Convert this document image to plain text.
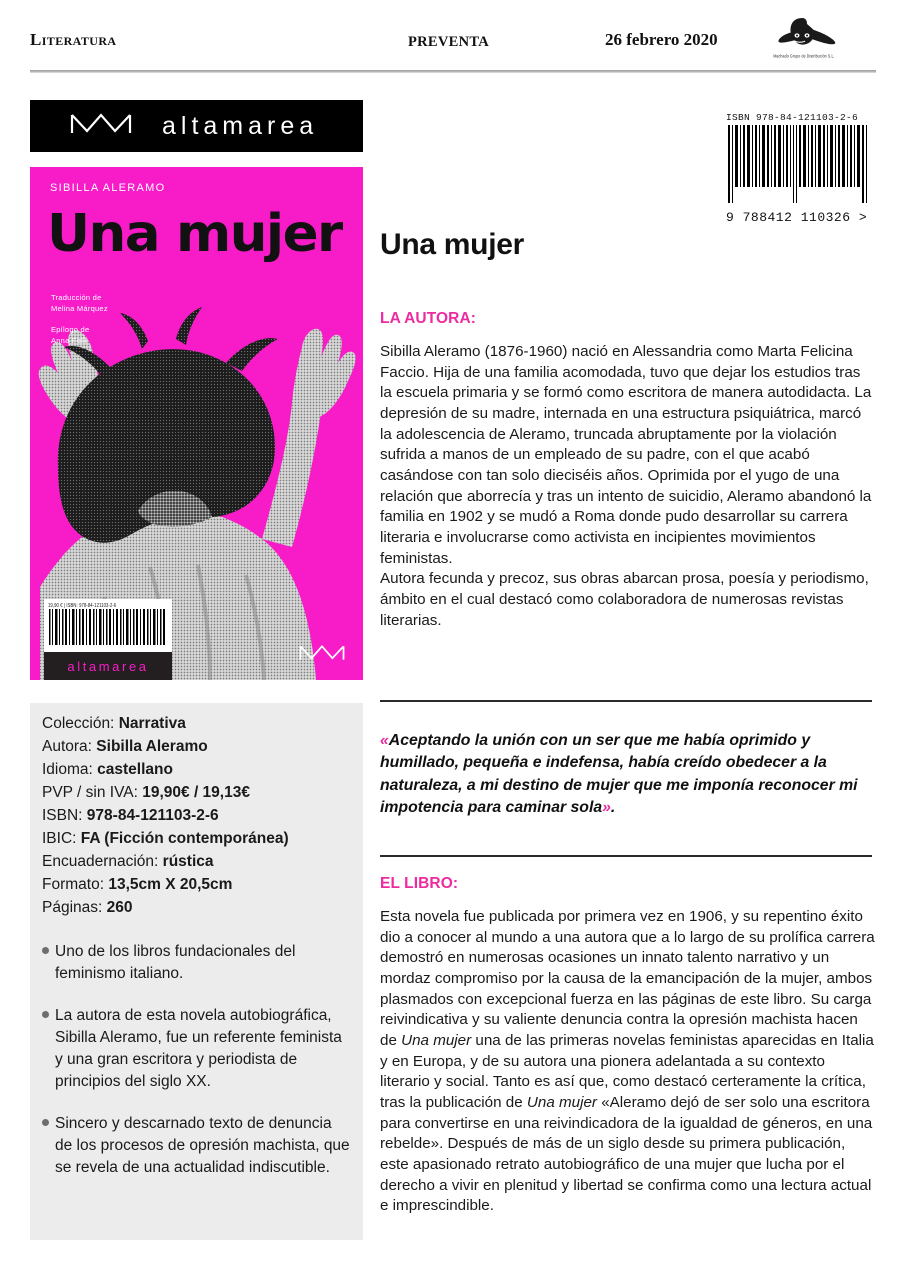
Literatura	PREVENTA	26 febrero 2020
Machado Grupo de Distribución S.L.
altamarea
SIBILLA ALERAMO
Una mujer
Traducción de
Melina Márquez
Epílogo de
Anna Folli
19,90 € | ISBN: 978-84-121103-2-6
altamarea
Colección: Narrativa
Autora: Sibilla Aleramo
Idioma: castellano
PVP / sin IVA: 19,90€ / 19,13€
ISBN: 978-84-121103-2-6
IBIC: FA (Ficción contemporánea)
Encuadernación: rústica
Formato: 13,5cm X 20,5cm
Páginas: 260
Uno de los libros fundacionales del feminismo italiano.
La autora de esta novela autobiográfica, Sibilla Aleramo, fue un referente feminista y una gran escritora y periodista de principios del siglo XX.
Sincero y descarnado texto de denuncia de los procesos de opresión machista, que se revela de una actualidad indiscutible.
ISBN 978-84-121103-2-6
9 788412 110326 >
Una mujer
LA AUTORA:

Sibilla Aleramo (1876-1960) nació en Alessandria como Marta Felicina Faccio. Hija de una familia acomodada, tuvo que dejar los estudios tras la escuela primaria y se formó como escritora de manera autodidacta. La depresión de su madre, internada en una estructura psiquiátrica, marcó la adolescencia de Aleramo, truncada abruptamente por la violación sufrida a manos de un empleado de su padre, con el que acabó casándose con tan solo dieciséis años. Oprimida por el yugo de una relación que aborrecía y tras un intento de suicidio, Aleramo abandonó la familia en 1902 y se mudó a Roma donde pudo desarrollar su carrera literaria e involucrarse como activista en incipientes movimientos feministas.

Autora fecunda y precoz, sus obras abarcan prosa, poesía y periodismo, ámbito en el cual destacó como colaboradora de numerosas revistas literarias.

«Aceptando la unión con un ser que me había oprimido y humillado, pequeña e indefensa, había creído obedecer a la naturaleza, a mi destino de mujer que me imponía reconocer mi impotencia para caminar sola».
EL LIBRO:

Esta novela fue publicada por primera vez en 1906, y su repentino éxito dio a conocer al mundo a una autora que a lo largo de su prolífica carrera demostró en numerosas ocasiones un innato talento narrativo y un mordaz compromiso por la causa de la emancipación de la mujer, ambos plasmados con excepcional fuerza en las páginas de este libro. Su carga reivindicativa y su valiente denuncia contra la opresión machista hacen de Una mujer una de las primeras novelas feministas aparecidas en Italia y en Europa, y de su autora una pionera adelantada a su contexto literario y social. Tanto es así que, como destacó certeramente la crítica, tras la publicación de Una mujer «Aleramo dejó de ser solo una escritora para convertirse en una reivindicadora de la igualdad de géneros, en una rebelde». Después de más de un siglo desde su primera publicación, este apasionado retrato autobiográfico de una mujer que lucha por el derecho a vivir en plenitud y libertad se confirma como una lectura actual e imprescindible.
